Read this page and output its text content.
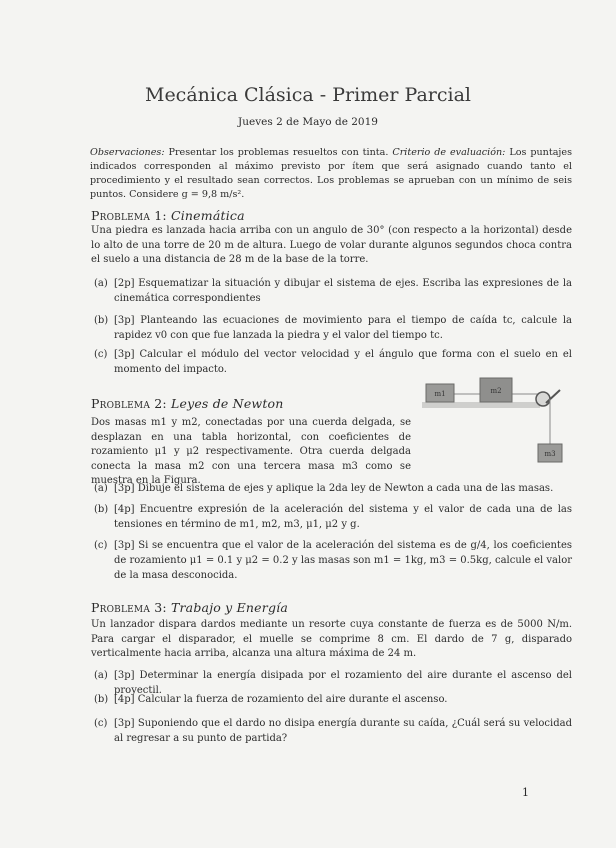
Mecánica Clásica - Primer Parcial
Jueves 2 de Mayo de 2019
Observaciones: Presentar los problemas resueltos con tinta. Criterio de evaluación: Los puntajes indicados corresponden al máximo previsto por ítem que será asignado cuando tanto el procedimiento y el resultado sean correctos. Los problemas se aprueban con un mínimo de seis puntos. Considere g = 9,8 m/s².
Problema 1: Cinemática
Una piedra es lanzada hacia arriba con un angulo de 30° (con respecto a la horizontal) desde lo alto de una torre de 20 m de altura. Luego de volar durante algunos segundos choca contra el suelo a una distancia de 28 m de la base de la torre.
(a) [2p] Esquematizar la situación y dibujar el sistema de ejes. Escriba las expresiones de la cinemática correspondientes
(b) [3p] Planteando las ecuaciones de movimiento para el tiempo de caída tc, calcule la rapidez v0 con que fue lanzada la piedra y el valor del tiempo tc.
(c) [3p] Calcular el módulo del vector velocidad y el ángulo que forma con el suelo en el momento del impacto.
Problema 2: Leyes de Newton
Dos masas m1 y m2, conectadas por una cuerda delgada, se desplazan en una tabla horizontal, con coeficientes de rozamiento μ1 y μ2 respectivamente. Otra cuerda delgada conecta la masa m2 con una tercera masa m3 como se muestra en la Figura.
m1	m2
m3
(a) [3p] Dibuje el sistema de ejes y aplique la 2da ley de Newton a cada una de las masas.
(b) [4p] Encuentre expresión de la aceleración del sistema y el valor de cada una de las tensiones en término de m1, m2, m3, μ1, μ2 y g.
(c) [3p] Si se encuentra que el valor de la aceleración del sistema es de g/4, los coeficientes de rozamiento μ1 = 0.1 y μ2 = 0.2 y las masas son m1 = 1kg, m3 = 0.5kg, calcule el valor de la masa desconocida.
Problema 3: Trabajo y Energía
Un lanzador dispara dardos mediante un resorte cuya constante de fuerza es de 5000 N/m. Para cargar el disparador, el muelle se comprime 8 cm. El dardo de 7 g, disparado verticalmente hacia arriba, alcanza una altura máxima de 24 m.
(a) [3p] Determinar la energía disipada por el rozamiento del aire durante el ascenso del proyectil.
(b) [4p] Calcular la fuerza de rozamiento del aire durante el ascenso.
(c) [3p] Suponiendo que el dardo no disipa energía durante su caída, ¿Cuál será su velocidad al regresar a su punto de partida?
1
